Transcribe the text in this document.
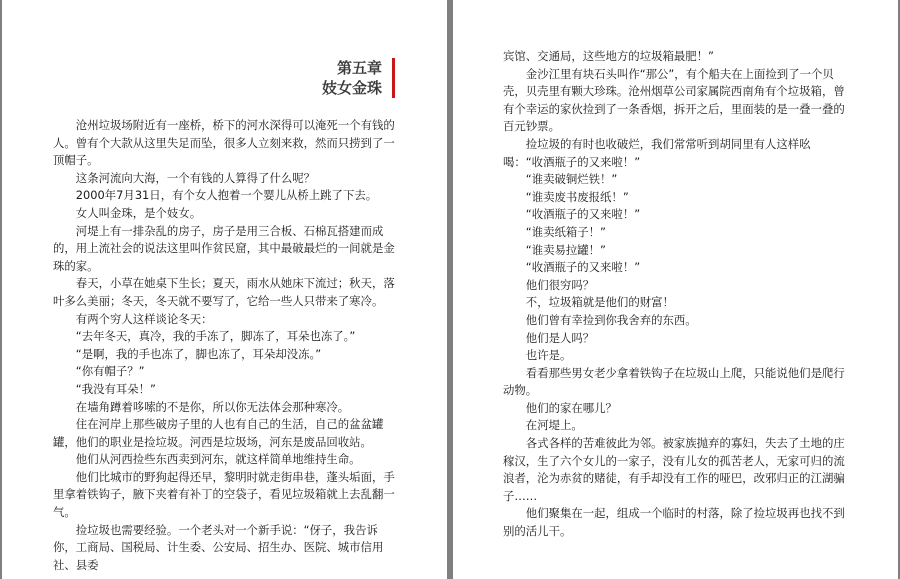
第五章
妓女金珠

沧州垃圾场附近有一座桥，桥下的河水深得可以淹死一个有钱的人。曾有个大款从这里失足而坠，很多人立刻来救，然而只捞到了一顶帽子。

这条河流向大海，一个有钱的人算得了什么呢？

2000年7月31日，有个女人抱着一个婴儿从桥上跳了下去。

女人叫金珠，是个妓女。

河堤上有一排杂乱的房子，房子是用三合板、石棉瓦搭建而成的，用上流社会的说法这里叫作贫民窟，其中最破最烂的一间就是金珠的家。

春天，小草在她桌下生长；夏天，雨水从她床下流过；秋天，落叶多么美丽；冬天，冬天就不要写了，它给一些人只带来了寒冷。

有两个穷人这样谈论冬天：

“去年冬天，真冷，我的手冻了，脚冻了，耳朵也冻了。”

“是啊，我的手也冻了，脚也冻了，耳朵却没冻。”

“你有帽子？”

“我没有耳朵！”

在墙角蹲着哆嗦的不是你，所以你无法体会那种寒冷。

住在河岸上那些破房子里的人也有自己的生活，自己的盆盆罐罐，他们的职业是捡垃圾。河西是垃圾场，河东是废品回收站。

他们从河西捡些东西卖到河东，就这样简单地维持生命。

他们比城市的野狗起得还早，黎明时就走街串巷，蓬头垢面，手里拿着铁钩子，腋下夹着有补丁的空袋子，看见垃圾箱就上去乱翻一气。

捡垃圾也需要经验。一个老头对一个新手说：“伢子，我告诉你，工商局、国税局、计生委、公安局、招生办、医院、城市信用社、县委

宾馆、交通局，这些地方的垃圾箱最肥！”

金沙江里有块石头叫作“那公”，有个船夫在上面捡到了一个贝壳，贝壳里有颗大珍珠。沧州烟草公司家属院西南角有个垃圾箱，曾有个幸运的家伙捡到了一条香烟，拆开之后，里面装的是一叠一叠的百元钞票。

捡垃圾的有时也收破烂，我们常常听到胡同里有人这样吆喝：“收酒瓶子的又来啦！”

“谁卖破铜烂铁！”

“谁卖废书废报纸！”

“收酒瓶子的又来啦！”

“谁卖纸箱子！”

“谁卖易拉罐！”

“收酒瓶子的又来啦！”

他们很穷吗？

不，垃圾箱就是他们的财富！

他们曾有幸捡到你我舍弃的东西。

他们是人吗？

也许是。

看看那些男女老少拿着铁钩子在垃圾山上爬，只能说他们是爬行动物。

他们的家在哪儿？

在河堤上。

各式各样的苦难彼此为邻。被家族抛弃的寡妇，失去了土地的庄稼汉，生了六个女儿的一家子，没有儿女的孤苦老人，无家可归的流浪者，沦为赤贫的赌徒，有手却没有工作的哑巴，改邪归正的江湖骗子……

他们聚集在一起，组成一个临时的村落，除了捡垃圾再也找不到别的活儿干。
